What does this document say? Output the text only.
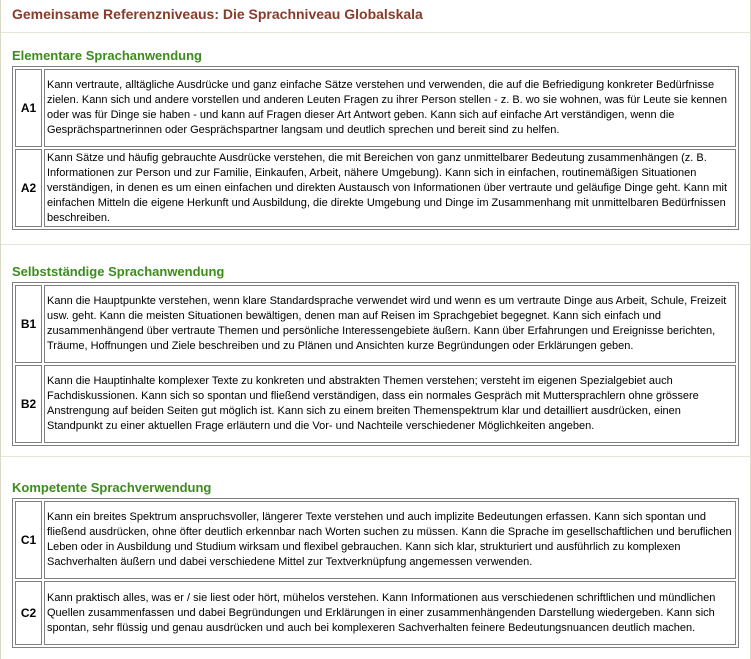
Gemeinsame Referenzniveaus: Die Sprachniveau Globalskala
Elementare Sprachanwendung
A1	Kann vertraute, alltägliche Ausdrücke und ganz einfache Sätze verstehen und verwenden, die auf die Befriedigung konkreter Bedürfnisse zielen. Kann sich und andere vorstellen und anderen Leuten Fragen zu ihrer Person stellen - z. B. wo sie wohnen, was für Leute sie kennen oder was für Dinge sie haben - und kann auf Fragen dieser Art Antwort geben. Kann sich auf einfache Art verständigen, wenn die Gesprächspartnerinnen oder Gesprächspartner langsam und deutlich sprechen und bereit sind zu helfen.
A2	Kann Sätze und häufig gebrauchte Ausdrücke verstehen, die mit Bereichen von ganz unmittelbarer Bedeutung zusammenhängen (z. B. Informationen zur Person und zur Familie, Einkaufen, Arbeit, nähere Umgebung). Kann sich in einfachen, routinemäßigen Situationen verständigen, in denen es um einen einfachen und direkten Austausch von Informationen über vertraute und geläufige Dinge geht. Kann mit einfachen Mitteln die eigene Herkunft und Ausbildung, die direkte Umgebung und Dinge im Zusammenhang mit unmittelbaren Bedürfnissen beschreiben.
Selbstständige Sprachanwendung
B1	Kann die Hauptpunkte verstehen, wenn klare Standardsprache verwendet wird und wenn es um vertraute Dinge aus Arbeit, Schule, Freizeit usw. geht. Kann die meisten Situationen bewältigen, denen man auf Reisen im Sprachgebiet begegnet. Kann sich einfach und zusammenhängend über vertraute Themen und persönliche Interessengebiete äußern. Kann über Erfahrungen und Ereignisse berichten, Träume, Hoffnungen und Ziele beschreiben und zu Plänen und Ansichten kurze Begründungen oder Erklärungen geben.
B2	Kann die Hauptinhalte komplexer Texte zu konkreten und abstrakten Themen verstehen; versteht im eigenen Spezialgebiet auch Fachdiskussionen. Kann sich so spontan und fließend verständigen, dass ein normales Gespräch mit Muttersprachlern ohne grössere Anstrengung auf beiden Seiten gut möglich ist. Kann sich zu einem breiten Themenspektrum klar und detailliert ausdrücken, einen Standpunkt zu einer aktuellen Frage erläutern und die Vor- und Nachteile verschiedener Möglichkeiten angeben.
Kompetente Sprachverwendung
C1	Kann ein breites Spektrum anspruchsvoller, längerer Texte verstehen und auch implizite Bedeutungen erfassen. Kann sich spontan und fließend ausdrücken, ohne öfter deutlich erkennbar nach Worten suchen zu müssen. Kann die Sprache im gesellschaftlichen und beruflichen Leben oder in Ausbildung und Studium wirksam und flexibel gebrauchen. Kann sich klar, strukturiert und ausführlich zu komplexen Sachverhalten äußern und dabei verschiedene Mittel zur Textverknüpfung angemessen verwenden.
C2	Kann praktisch alles, was er / sie liest oder hört, mühelos verstehen. Kann Informationen aus verschiedenen schriftlichen und mündlichen Quellen zusammenfassen und dabei Begründungen und Erklärungen in einer zusammenhängenden Darstellung wiedergeben. Kann sich spontan, sehr flüssig und genau ausdrücken und auch bei komplexeren Sachverhalten feinere Bedeutungsnuancen deutlich machen.
